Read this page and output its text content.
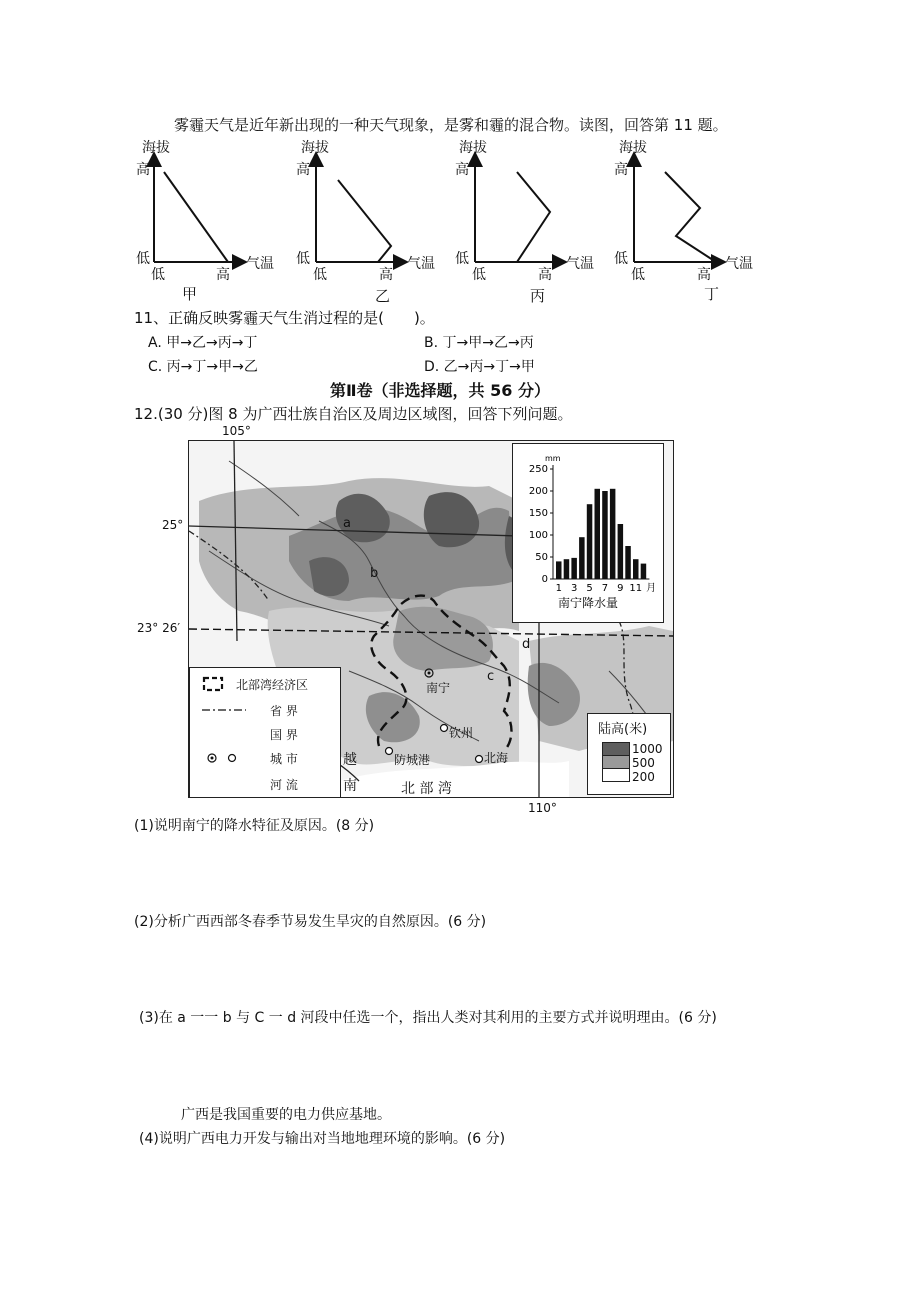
雾霾天气是近年新出现的一种天气现象，是雾和霾的混合物。读图，回答第 11 题。
海拔
高
低
低	高
气温
甲
海拔
高
低
低	高
气温
乙
海拔
高
低
低	高
气温
丙
海拔
高
低
低	高
气温
丁
11、正确反映雾霾天气生消过程的是(　　)。
A. 甲→乙→丙→丁	B. 丁→甲→乙→丙
C. 丙→丁→甲→乙	D. 乙→丙→丁→甲
第Ⅱ卷（非选择题，共 56 分）
12.(30 分)图 8 为广西壮族自治区及周边区域图，回答下列问题。
105°
25°
23° 26′
110°
a
b
c
d
南宁
钦州
防城港	北海
越
南	北 部 湾
北部湾经济区
省 界
国 界
城 市
河 流
陆高(米)
1000
500
200
mm
0
50
100
150
200
250
1 3 5 7 9 11 月
南宁降水量
(1)说明南宁的降水特征及原因。(8 分)
(2)分析广西西部冬春季节易发生旱灾的自然原因。(6 分)
(3)在 a 一一 b 与 C 一 d 河段中任选一个，指出人类对其利用的主要方式并说明理由。(6 分)
广西是我国重要的电力供应基地。
(4)说明广西电力开发与输出对当地地理环境的影响。(6 分)
